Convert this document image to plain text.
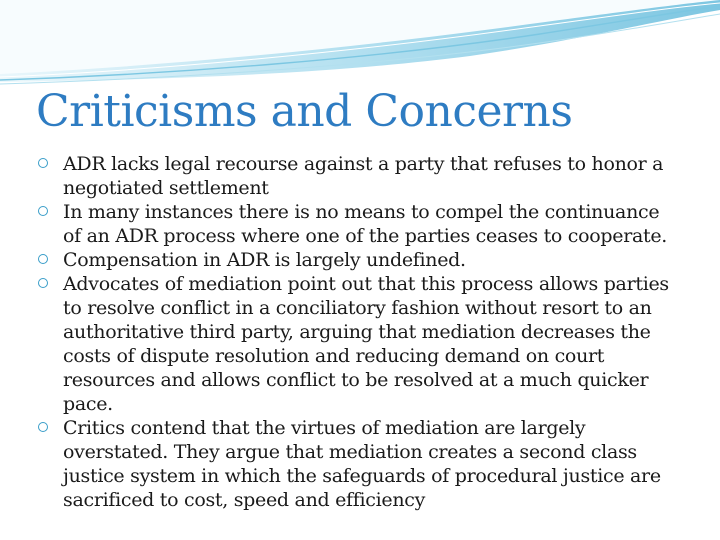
Criticisms and Concerns
ADR lacks legal recourse against a party that refuses to honor a negotiated settlement
In many instances there is no means to compel the continuance of an ADR process where one of the parties ceases to cooperate.
Compensation in ADR is largely undefined.
Advocates of mediation point out that this process allows parties to resolve conflict in a conciliatory fashion without resort to an authoritative third party, arguing that mediation decreases the costs of dispute resolution and reducing demand on court resources and allows conflict to be resolved at a much quicker pace.
Critics contend that the virtues of mediation are largely overstated. They argue that mediation creates a second class justice system in which the safeguards of procedural justice are sacrificed to cost, speed and efficiency
